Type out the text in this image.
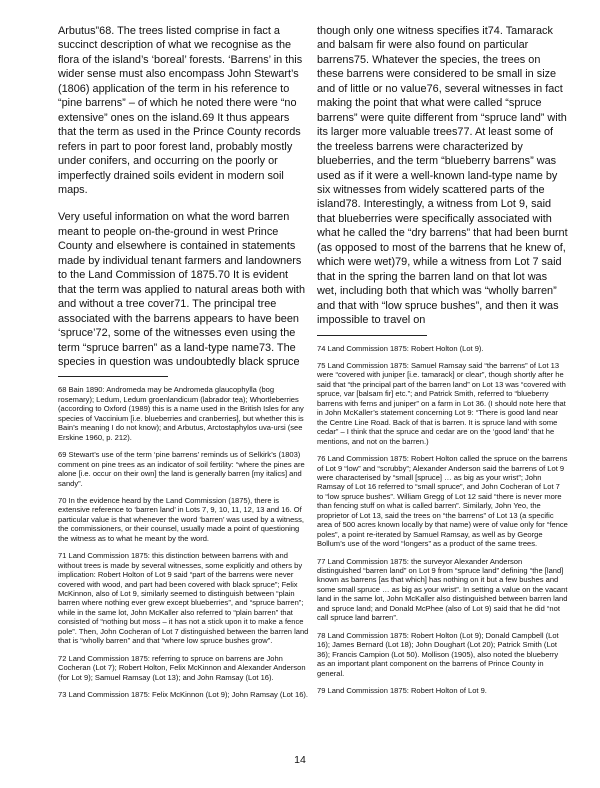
Arbutus”68. The trees listed comprise in fact a succinct description of what we recognise as the flora of the island’s ‘boreal’ forests. ‘Barrens’ in this wider sense must also encompass John Stewart’s (1806) application of the term in his reference to “pine barrens” – of which he noted there were “no extensive” ones on the island.69 It thus appears that the term as used in the Prince County records refers in part to poor forest land, probably mostly under conifers, and occurring on the poorly or imperfectly drained soils evident in modern soil maps.

Very useful information on what the word barren meant to people on-the-ground in west Prince County and elsewhere is contained in statements made by individual tenant farmers and landowners to the Land Commission of 1875.70 It is evident that the term was applied to natural areas both with and without a tree cover71. The principal tree associated with the barrens appears to have been ‘spruce’72, some of the witnesses even using the term “spruce barren” as a land-type name73. The species in question was undoubtedly black spruce

68 Bain 1890: Andromeda may be Andromeda glaucophylla (bog rosemary); Ledum, Ledum groenlandicum (labrador tea); Whortleberries (according to Oxford (1989) this is a name used in the British Isles for any species of Vaccinium [i.e. blueberries and cranberries], but whether this is Bain’s meaning I do not know); and Arbutus, Arctostaphylos uva-ursi (see Erskine 1960, p. 212).

69 Stewart’s use of the term ‘pine barrens’ reminds us of Selkirk’s (1803) comment on pine trees as an indicator of soil fertility: “where the pines are alone [i.e. occur on their own] the land is generally barren [my italics] and sandy”.

70 In the evidence heard by the Land Commission (1875), there is extensive reference to ‘barren land’ in Lots 7, 9, 10, 11, 12, 13 and 16. Of particular value is that whenever the word ‘barren’ was used by a witness, the commissioners, or their counsel, usually made a point of questioning the witness as to what he meant by the word.

71 Land Commission 1875: this distinction between barrens with and without trees is made by several witnesses, some explicitly and others by implication: Robert Holton of Lot 9 said “part of the barrens were never covered with wood, and part had been covered with black spruce”; Felix McKinnon, also of Lot 9, similarly seemed to distinguish between “plain barren where nothing ever grew except blueberries”, and “spruce barren”; while in the same lot, John McKaller also referred to “plain barren” that consisted of “nothing but moss – it has not a stick upon it to make a fence pole”. Then, John Cocheran of Lot 7 distinguished between the barren land that is “wholly barren” and that “where low spruce bushes grow”.

72 Land Commission 1875: referring to spruce on barrens are John Cocheran (Lot 7); Robert Holton, Felix McKinnon and Alexander Anderson (for Lot 9); Samuel Ramsay (Lot 13); and John Ramsay (Lot 16).

73 Land Commission 1875: Felix McKinnon (Lot 9); John Ramsay (Lot 16).

though only one witness specifies it74. Tamarack and balsam fir were also found on particular barrens75. Whatever the species, the trees on these barrens were considered to be small in size and of little or no value76, several witnesses in fact making the point that what were called “spruce barrens” were quite different from “spruce land” with its larger more valuable trees77. At least some of the treeless barrens were characterized by blueberries, and the term “blueberry barrens” was used as if it were a well-known land-type name by six witnesses from widely scattered parts of the island78. Interestingly, a witness from Lot 9, said that blueberries were specifically associated with what he called the “dry barrens” that had been burnt (as opposed to most of the barrens that he knew of, which were wet)79, while a witness from Lot 7 said that in the spring the barren land on that lot was wet, including both that which was “wholly barren” and that with “low spruce bushes”, and then it was impossible to travel on

74 Land Commission 1875: Robert Holton (Lot 9).

75 Land Commission 1875: Samuel Ramsay said “the barrens” of Lot 13 were “covered with juniper [i.e. tamarack] or clear”, though shortly after he said that “the principal part of the barren land” on Lot 13 was “covered with spruce, var [balsam fir] etc.”; and Patrick Smith, referred to “blueberry barrens with ferns and juniper” on a farm in Lot 36. (I should note here that in John McKaller’s statement concerning Lot 9: “There is good land near the Centre Line Road. Back of that is barren. It is spruce land with some cedar” – I think that the spruce and cedar are on the ‘good land’ that he mentions, and not on the barren.)

76 Land Commission 1875: Robert Holton called the spruce on the barrens of Lot 9 “low” and “scrubby”; Alexander Anderson said the barrens of Lot 9 were characterised by “small [spruce] … as big as your wrist”; John Ramsay of Lot 16 referred to “small spruce”, and John Cocheran of Lot 7 to “low spruce bushes”. William Gregg of Lot 12 said “there is never more than fencing stuff on what is called barren”. Similarly, John Yeo, the proprietor of Lot 13, said the trees on “the barrens” of Lot 13 (a specific area of 500 acres known locally by that name) were of value only for “fence poles”, a point re-iterated by Samuel Ramsay, as well as by George Bollum’s use of the word “longers” as a product of the same trees.

77 Land Commission 1875: the surveyor Alexander Anderson distinguished “barren land” on Lot 9 from “spruce land” defining “the [land] known as barrens [as that which] has nothing on it but a few bushes and some small spruce … as big as your wrist”. In setting a value on the vacant land in the same lot, John McKaller also distinguished between barren land and spruce land; and Donald McPhee (also of Lot 9) said that he did “not call spruce land barren”.

78 Land Commission 1875: Robert Holton (Lot 9); Donald Campbell (Lot 16); James Bernard (Lot 18); John Doughart (Lot 20); Patrick Smith (Lot 36); Francis Campion (Lot 50). Mollison (1905), also noted the blueberry as an important plant component on the barrens of Prince County in general.

79 Land Commission 1875: Robert Holton of Lot 9.

14
